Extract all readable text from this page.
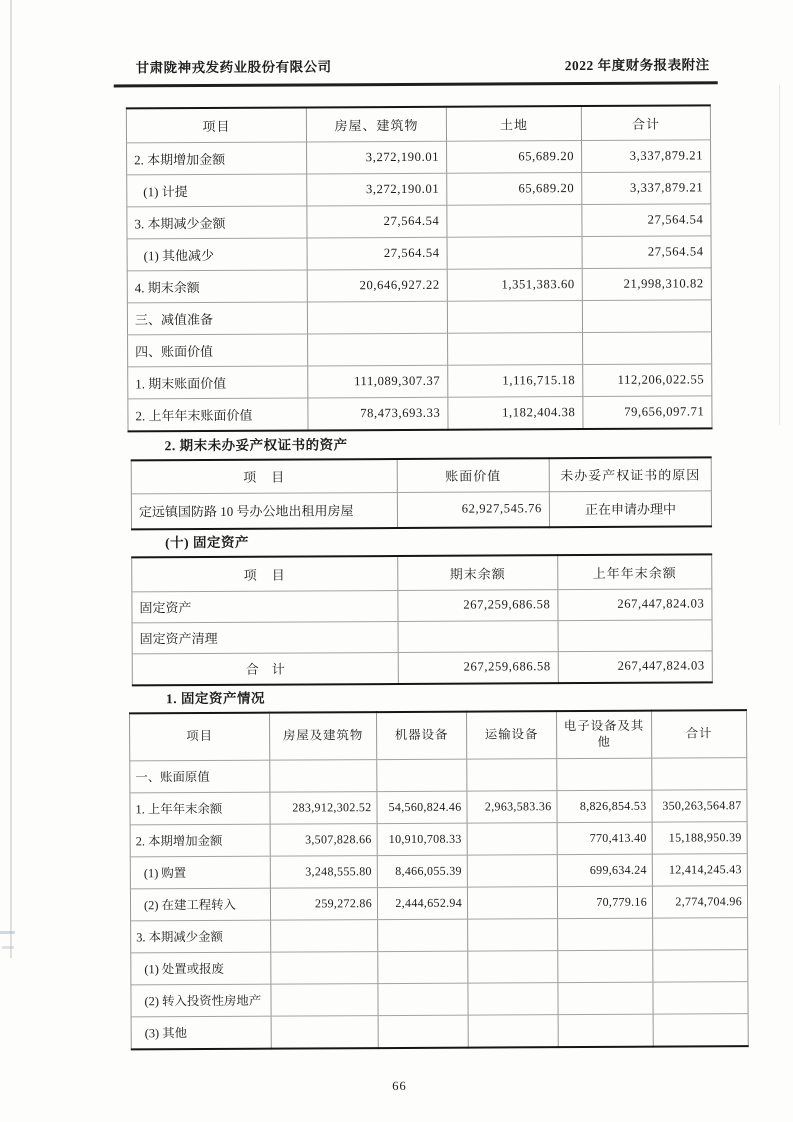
甘肃陇神戎发药业股份有限公司	2022 年度财务报表附注
项目	房屋、建筑物	土地	合计
2. 本期增加金额	3,272,190.01	65,689.20	3,337,879.21
(1) 计提	3,272,190.01	65,689.20	3,337,879.21
3. 本期减少金额	27,564.54		27,564.54
(1) 其他减少	27,564.54		27,564.54
4. 期末余额	20,646,927.22	1,351,383.60	21,998,310.82
三、减值准备			
四、账面价值			
1. 期末账面价值	111,089,307.37	1,116,715.18	112,206,022.55
2. 上年年末账面价值	78,473,693.33	1,182,404.38	79,656,097.71

2. 期末未办妥产权证书的资产

项　目	账面价值	未办妥产权证书的原因
定远镇国防路 10 号办公地出租用房屋	62,927,545.76	正在申请办理中

(十) 固定资产

项　目	期末余额	上年年末余额
固定资产	267,259,686.58	267,447,824.03
固定资产清理		
合　计	267,259,686.58	267,447,824.03

1. 固定资产情况

项目	房屋及建筑物	机器设备	运输设备	电子设备及其他	合计
一、账面原值					
1. 上年年末余额	283,912,302.52	54,560,824.46	2,963,583.36	8,826,854.53	350,263,564.87
2. 本期增加金额	3,507,828.66	10,910,708.33		770,413.40	15,188,950.39
(1) 购置	3,248,555.80	8,466,055.39		699,634.24	12,414,245.43
(2) 在建工程转入	259,272.86	2,444,652.94		70,779.16	2,774,704.96
3. 本期减少金额					
(1) 处置或报废					
(2) 转入投资性房地产					
(3) 其他					
66
